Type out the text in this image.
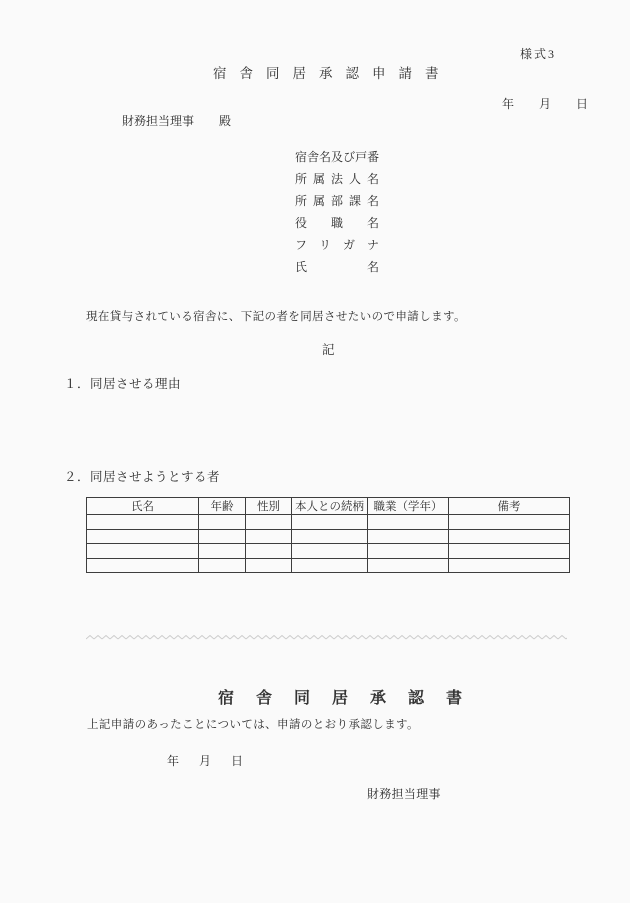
様式3
宿舎同居承認申請書
年 月 日
財務担当理事 殿
宿 舎 名 及 び 戸 番
所 属 法 人 名
所 属 部 課 名
役 職 名
フ リ ガ ナ
氏	名
現在貸与されている宿舎に、下記の者を同居させたいので申請します。
記
１．同居させる理由
２．同居させようとする者
氏名	年齢	性別	本人との続柄	職業（学年）	備考

宿舎同居承認書
上記申請のあったことについては、申請のとおり承認します。
年 月 日
財務担当理事
